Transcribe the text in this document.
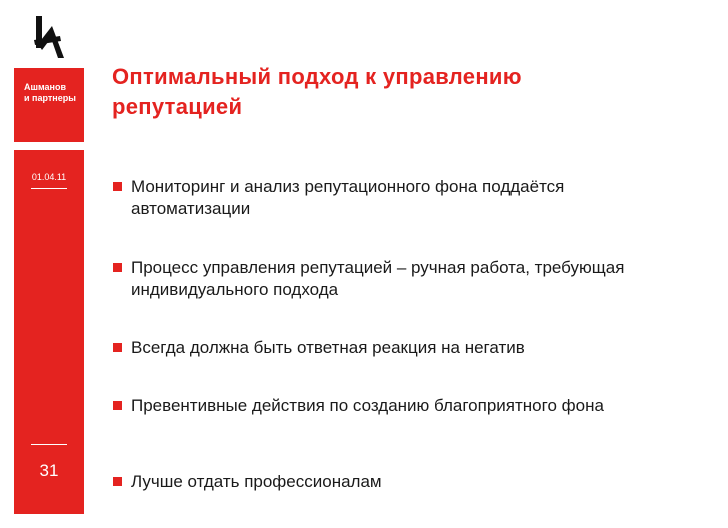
Ашманов
и партнеры
01.04.11
31
Оптимальный подход к управлению
репутацией
Мониторинг и анализ репутационного фона поддаётся автоматизации
Процесс управления репутацией – ручная работа, требующая индивидуального подхода
Всегда должна быть ответная реакция на негатив
Превентивные действия по созданию благоприятного фона
Лучше отдать профессионалам
